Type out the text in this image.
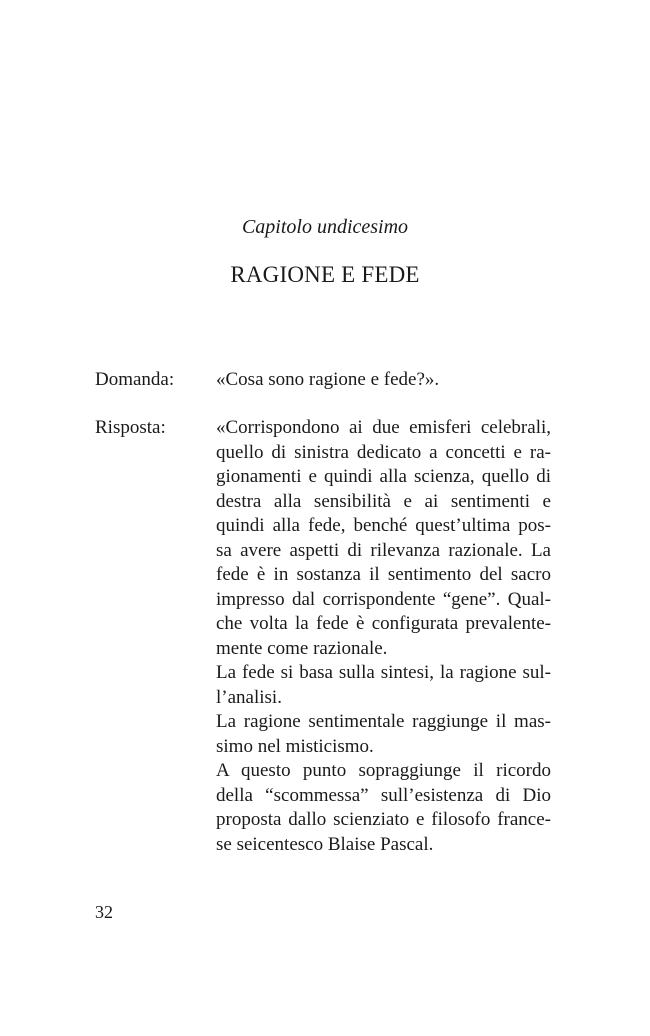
Capitolo undicesimo
RAGIONE E FEDE
Domanda: «Cosa sono ragione e fede?».
Risposta:	«Corrispondono ai due emisferi celebrali,
quello di sinistra dedicato a concetti e ra-
gionamenti e quindi alla scienza, quello di
destra alla sensibilità e ai sentimenti e
quindi alla fede, benché quest’ultima pos-
sa avere aspetti di rilevanza razionale. La
fede è in sostanza il sentimento del sacro
impresso dal corrispondente “gene”. Qual-
che volta la fede è configurata prevalente-
mente come razionale.
La fede si basa sulla sintesi, la ragione sul-
l’analisi.
La ragione sentimentale raggiunge il mas-
simo nel misticismo.
A questo punto sopraggiunge il ricordo
della “scommessa” sull’esistenza di Dio
proposta dallo scienziato e filosofo france-
se seicentesco Blaise Pascal.
32
